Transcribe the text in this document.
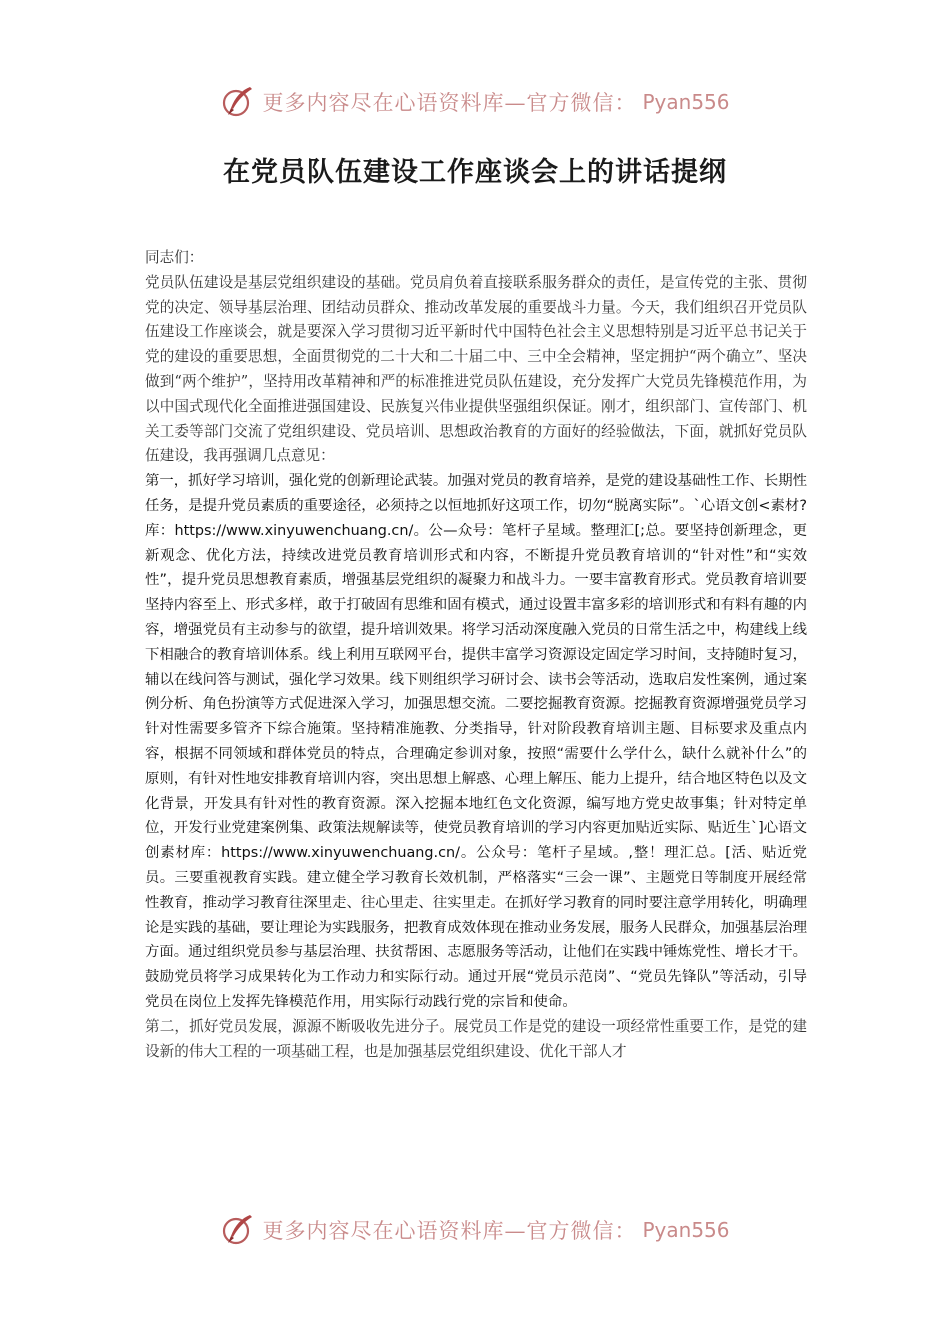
更多内容尽在心语资料库—官方微信： Pyan556
在党员队伍建设工作座谈会上的讲话提纲

同志们：

党员队伍建设是基层党组织建设的基础。党员肩负着直接联系服务群众的责任，是宣传党的主张、贯彻党的决定、领导基层治理、团结动员群众、推动改革发展的重要战斗力量。今天，我们组织召开党员队伍建设工作座谈会，就是要深入学习贯彻习近平新时代中国特色社会主义思想特别是习近平总书记关于党的建设的重要思想，全面贯彻党的二十大和二十届二中、三中全会精神，坚定拥护“两个确立”、坚决做到“两个维护”，坚持用改革精神和严的标准推进党员队伍建设，充分发挥广大党员先锋模范作用，为以中国式现代化全面推进强国建设、民族复兴伟业提供坚强组织保证。刚才，组织部门、宣传部门、机关工委等部门交流了党组织建设、党员培训、思想政治教育的方面好的经验做法，下面，就抓好党员队伍建设，我再强调几点意见：

第一，抓好学习培训，强化党的创新理论武装。加强对党员的教育培养，是党的建设基础性工作、长期性任务，是提升党员素质的重要途径，必须持之以恒地抓好这项工作，切勿“脱离实际”。`心语文创<素材?库：https://www.xinyuwenchuang.cn/。公—众号：笔杆子星域。整理汇[;总。要坚持创新理念，更新观念、优化方法，持续改进党员教育培训形式和内容，不断提升党员教育培训的“针对性”和“实效性”，提升党员思想教育素质，增强基层党组织的凝聚力和战斗力。一要丰富教育形式。党员教育培训要坚持内容至上、形式多样，敢于打破固有思维和固有模式，通过设置丰富多彩的培训形式和有料有趣的内容，增强党员有主动参与的欲望，提升培训效果。将学习活动深度融入党员的日常生活之中，构建线上线下相融合的教育培训体系。线上利用互联网平台，提供丰富学习资源设定固定学习时间，支持随时复习，辅以在线问答与测试，强化学习效果。线下则组织学习研讨会、读书会等活动，选取启发性案例，通过案例分析、角色扮演等方式促进深入学习，加强思想交流。二要挖掘教育资源。挖掘教育资源增强党员学习针对性需要多管齐下综合施策。坚持精准施教、分类指导，针对阶段教育培训主题、目标要求及重点内容，根据不同领域和群体党员的特点，合理确定参训对象，按照“需要什么学什么，缺什么就补什么”的原则，有针对性地安排教育培训内容，突出思想上解惑、心理上解压、能力上提升，结合地区特色以及文化背景，开发具有针对性的教育资源。深入挖掘本地红色文化资源，编写地方党史故事集；针对特定单位，开发行业党建案例集、政策法规解读等，使党员教育培训的学习内容更加贴近实际、贴近生`]心语文创素材库：https://www.xinyuwenchuang.cn/。公众号：笔杆子星域。,整！理汇总。[活、贴近党员。三要重视教育实践。建立健全学习教育长效机制，严格落实“三会一课”、主题党日等制度开展经常性教育，推动学习教育往深里走、往心里走、往实里走。在抓好学习教育的同时要注意学用转化，明确理论是实践的基础，要让理论为实践服务，把教育成效体现在推动业务发展，服务人民群众，加强基层治理方面。通过组织党员参与基层治理、扶贫帮困、志愿服务等活动，让他们在实践中锤炼党性、增长才干。鼓励党员将学习成果转化为工作动力和实际行动。通过开展“党员示范岗”、“党员先锋队”等活动，引导党员在岗位上发挥先锋模范作用，用实际行动践行党的宗旨和使命。

第二，抓好党员发展，源源不断吸收先进分子。展党员工作是党的建设一项经常性重要工作，是党的建设新的伟大工程的一项基础工程，也是加强基层党组织建设、优化干部人才

更多内容尽在心语资料库—官方微信： Pyan556
